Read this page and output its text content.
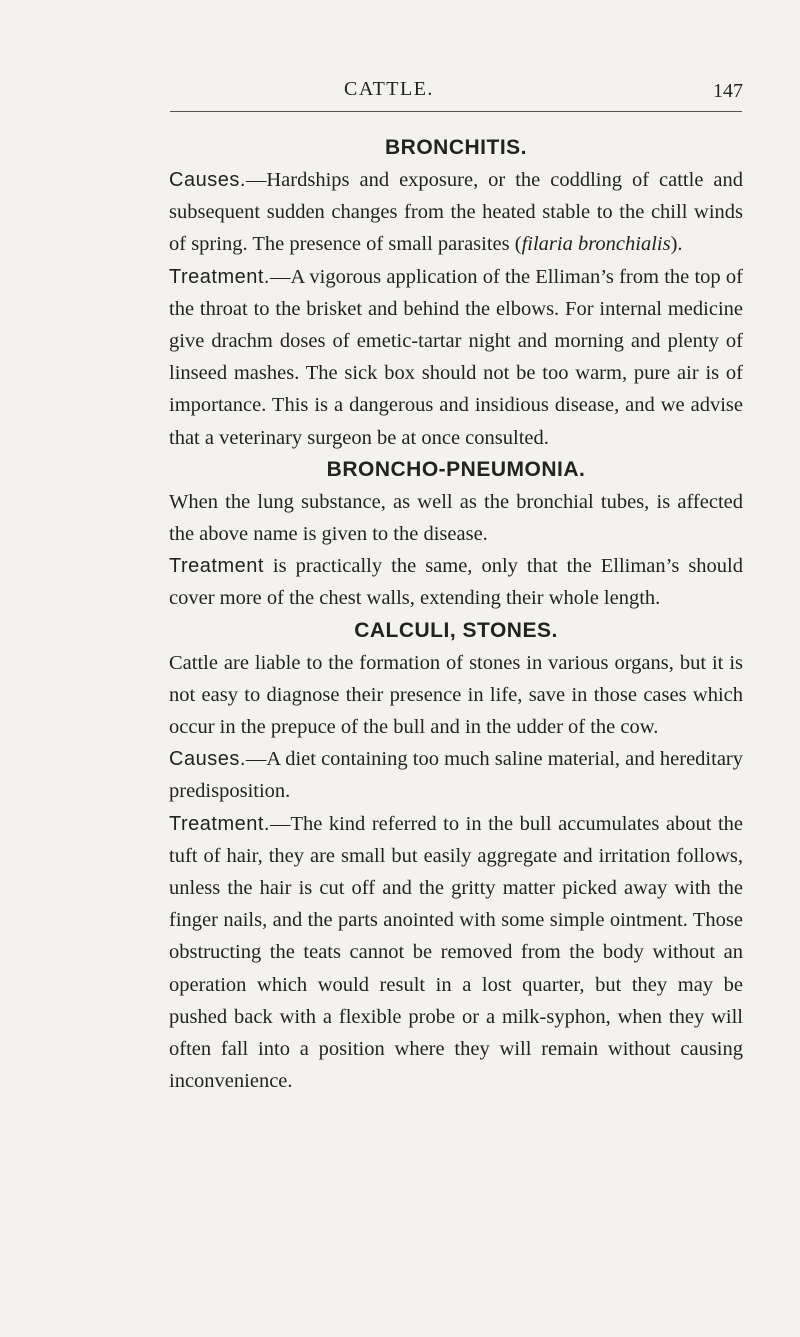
CATTLE.	147
BRONCHITIS.

Causes.—Hardships and exposure, or the coddling of cattle and subsequent sudden changes from the heated stable to the chill winds of spring. The presence of small parasites (filaria bronchialis).

Treatment.—A vigorous application of the Elliman’s from the top of the throat to the brisket and behind the elbows. For internal medicine give drachm doses of emetic-tartar night and morning and plenty of linseed mashes. The sick box should not be too warm, pure air is of importance. This is a dangerous and insidious disease, and we advise that a veterinary surgeon be at once consulted.

BRONCHO-PNEUMONIA.

When the lung substance, as well as the bronchial tubes, is affected the above name is given to the disease.

Treatment is practically the same, only that the Elliman’s should cover more of the chest walls, extending their whole length.

CALCULI, STONES.

Cattle are liable to the formation of stones in various organs, but it is not easy to diagnose their presence in life, save in those cases which occur in the prepuce of the bull and in the udder of the cow.

Causes.—A diet containing too much saline material, and hereditary predisposition.

Treatment.—The kind referred to in the bull accumulates about the tuft of hair, they are small but easily aggregate and irritation follows, unless the hair is cut off and the gritty matter picked away with the finger nails, and the parts anointed with some simple ointment. Those obstructing the teats cannot be removed from the body without an operation which would result in a lost quarter, but they may be pushed back with a flexible probe or a milk-syphon, when they will often fall into a position where they will remain without causing inconvenience.
